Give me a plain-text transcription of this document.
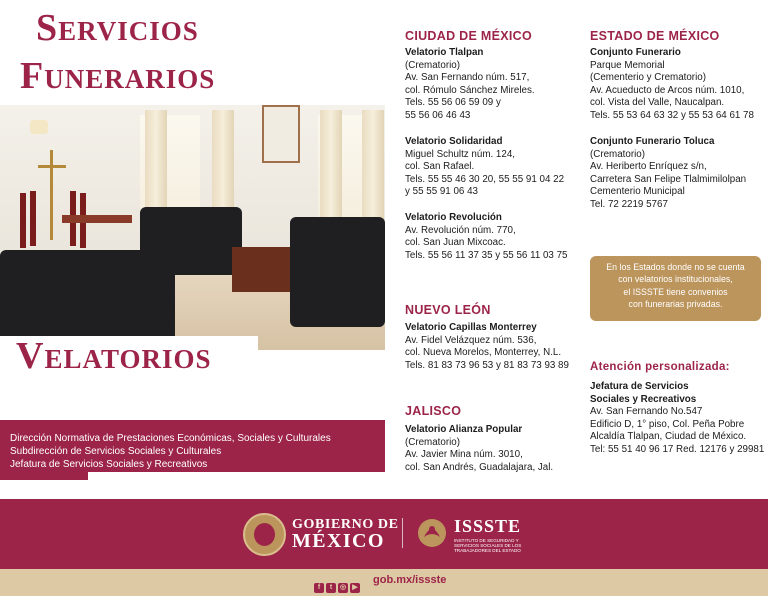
Servicios
Funerarios
Velatorios
Dirección Normativa de Prestaciones Económicas, Sociales y Culturales
Subdirección de Servicios Sociales y Culturales
Jefatura de Servicios Sociales y Recreativos
CIUDAD DE MÉXICO
Velatorio Tlalpan
(Crematorio)
Av. San Fernando núm. 517,
col. Rómulo Sánchez Mireles.
Tels. 55 56 06 59 09 y
55 56 06 46 43
Velatorio Solidaridad
Miguel Schultz núm. 124,
col. San Rafael.
Tels. 55 55 46 30 20, 55 55 91 04 22
y 55 55 91 06 43
Velatorio Revolución
Av. Revolución núm. 770,
col. San Juan Mixcoac.
Tels. 55 56 11 37 35 y 55 56 11 03 75
NUEVO LEÓN
Velatorio Capillas Monterrey
Av. Fidel Velázquez núm. 536,
col. Nueva Morelos, Monterrey, N.L.
Tels. 81 83 73 96 53 y 81 83 73 93 89
JALISCO
Velatorio Alianza Popular
(Crematorio)
Av. Javier Mina núm. 3010,
col. San Andrés, Guadalajara, Jal.
ESTADO DE MÉXICO
Conjunto Funerario
Parque Memorial
(Cementerio y Crematorio)
Av. Acueducto de Arcos núm. 1010,
col. Vista del Valle, Naucalpan.
Tels. 55 53 64 63 32 y 55 53 64 61 78
Conjunto Funerario Toluca
(Crematorio)
Av. Heriberto Enríquez s/n,
Carretera San Felipe Tlalmimilolpan
Cementerio Municipal
Tel. 72 2219 5767
En los Estados donde no se cuenta
con velatorios institucionales,
el ISSSTE tiene convenios
con funerarias privadas.
Atención personalizada:
Jefatura de Servicios
Sociales y Recreativos
Av. San Fernando No.547
Edificio D, 1° piso, Col. Peña Pobre
Alcaldía Tlalpan, Ciudad de México.
Tel: 55 51 40 96 17 Red. 12176 y 29981
GOBIERNO DE
MÉXICO
ISSSTE
INSTITUTO DE SEGURIDAD Y SERVICIOS SOCIALES DE LOS TRABAJADORES DEL ESTADO
f t ◎ ▶
gob.mx/issste
